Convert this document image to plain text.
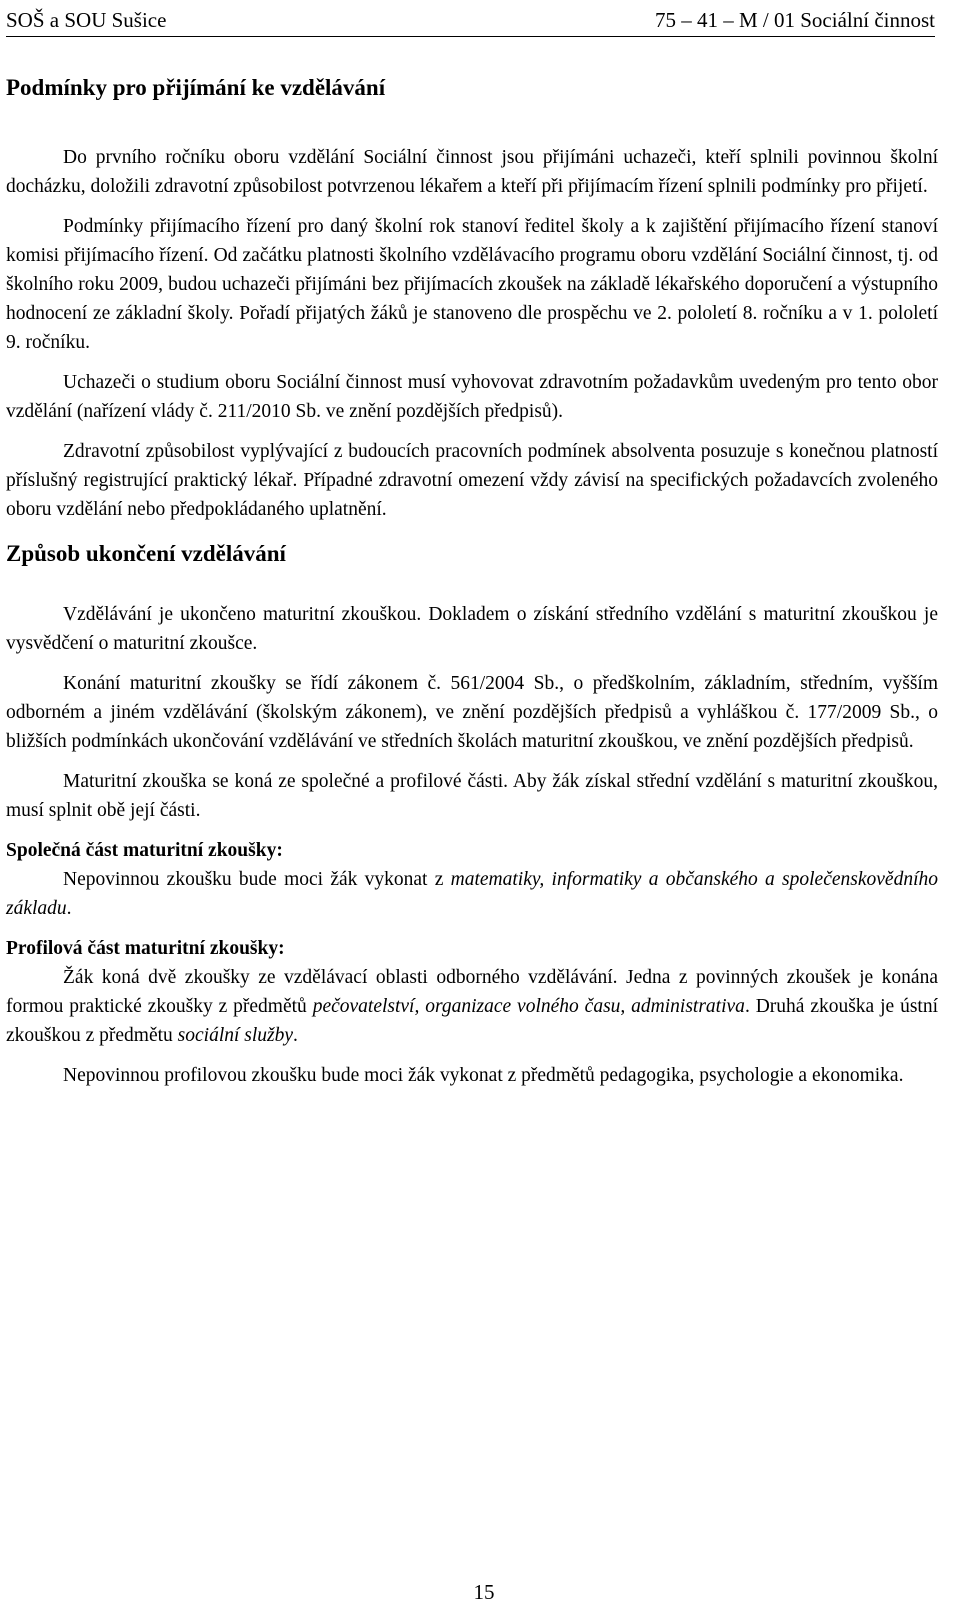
SOŠ a SOU Sušice	75 – 41 – M / 01 Sociální činnost
Podmínky pro přijímání ke vzdělávání

Do prvního ročníku oboru vzdělání Sociální činnost jsou přijímáni uchazeči, kteří splnili povinnou školní docházku, doložili zdravotní způsobilost potvrzenou lékařem a kteří při přijímacím řízení splnili podmínky pro přijetí.

Podmínky přijímacího řízení pro daný školní rok stanoví ředitel školy a k zajištění přijímacího řízení stanoví komisi přijímacího řízení. Od začátku platnosti školního vzdělávacího programu oboru vzdělání Sociální činnost, tj. od školního roku 2009, budou uchazeči přijímáni bez přijímacích zkoušek na základě lékařského doporučení a výstupního hodnocení ze základní školy. Pořadí přijatých žáků je stanoveno dle prospěchu ve 2. pololetí 8. ročníku a v 1. pololetí 9. ročníku.

Uchazeči o studium oboru Sociální činnost musí vyhovovat zdravotním požadavkům uvedeným pro tento obor vzdělání (nařízení vlády č. 211/2010 Sb. ve znění pozdějších předpisů).

Zdravotní způsobilost vyplývající z budoucích pracovních podmínek absolventa posuzuje s konečnou platností příslušný registrující praktický lékař. Případné zdravotní omezení vždy závisí na specifických požadavcích zvoleného oboru vzdělání nebo předpokládaného uplatnění.

Způsob ukončení vzdělávání

Vzdělávání je ukončeno maturitní zkouškou. Dokladem o získání středního vzdělání s maturitní zkouškou je vysvědčení o maturitní zkoušce.

Konání maturitní zkoušky se řídí zákonem č. 561/2004 Sb., o předškolním, základním, středním, vyšším odborném a jiném vzdělávání (školským zákonem), ve znění pozdějších předpisů a vyhláškou č. 177/2009 Sb., o bližších podmínkách ukončování vzdělávání ve středních školách maturitní zkouškou, ve znění pozdějších předpisů.

Maturitní zkouška se koná ze společné a profilové části. Aby žák získal střední vzdělání s maturitní zkouškou, musí splnit obě její části.

Společná část maturitní zkoušky:

Nepovinnou zkoušku bude moci žák vykonat z matematiky, informatiky a občanského a společenskovědního základu.

Profilová část maturitní zkoušky:

Žák koná dvě zkoušky ze vzdělávací oblasti odborného vzdělávání. Jedna z povinných zkoušek je konána formou praktické zkoušky z předmětů pečovatelství, organizace volného času, administrativa. Druhá zkouška je ústní zkouškou z předmětu sociální služby.

Nepovinnou profilovou zkoušku bude moci žák vykonat z předmětů pedagogika, psychologie a ekonomika.

15
